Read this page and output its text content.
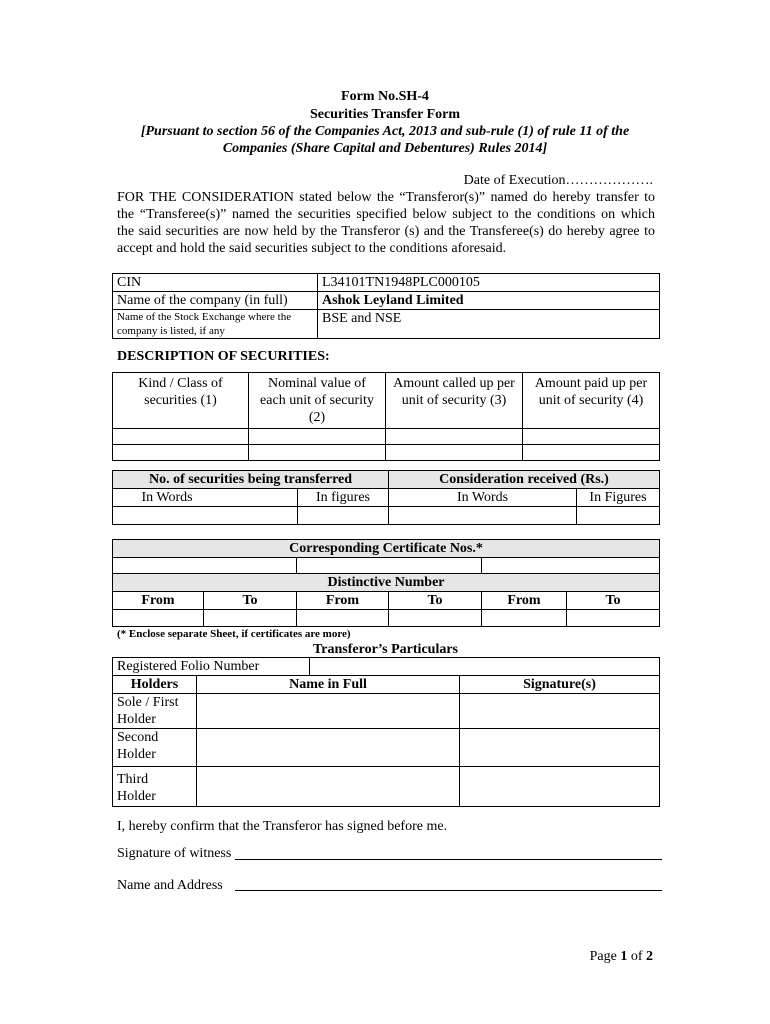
Form No.SH-4
Securities Transfer Form
[Pursuant to section 56 of the Companies Act, 2013 and sub-rule (1) of rule 11 of the
Companies (Share Capital and Debentures) Rules 2014]
Date of Execution……………….
FOR THE CONSIDERATION stated below the “Transferor(s)” named do hereby transfer to
the “Transferee(s)” named the securities specified below subject to the conditions on which
the said securities are now held by the Transferor (s) and the Transferee(s) do hereby agree to
accept and hold the said securities subject to the conditions aforesaid.
CIN	L34101TN1948PLC000105
Name of the company (in full)	Ashok Leyland Limited
Name of the Stock Exchange where the company is listed, if any	BSE and NSE
DESCRIPTION OF SECURITIES:
Kind / Class of securities (1)	Nominal value of each unit of security (2)	Amount called up per unit of security (3)	Amount paid up per unit of security (4)

No. of securities being transferred		Consideration received (Rs.)	
In Words	In figures	In Words	In Figures

Corresponding Certificate Nos.*					

Distinctive Number					
From	To	From	To	From	To

(* Enclose separate Sheet, if certificates are more)
Transferor’s Particulars
Registered Folio Number			
Holders	Name in Full		Signature(s)
Sole / First Holder			
Second Holder			
Third Holder			
I, hereby confirm that the Transferor has signed before me.
Signature of witness
Name and Address
Page 1 of 2
